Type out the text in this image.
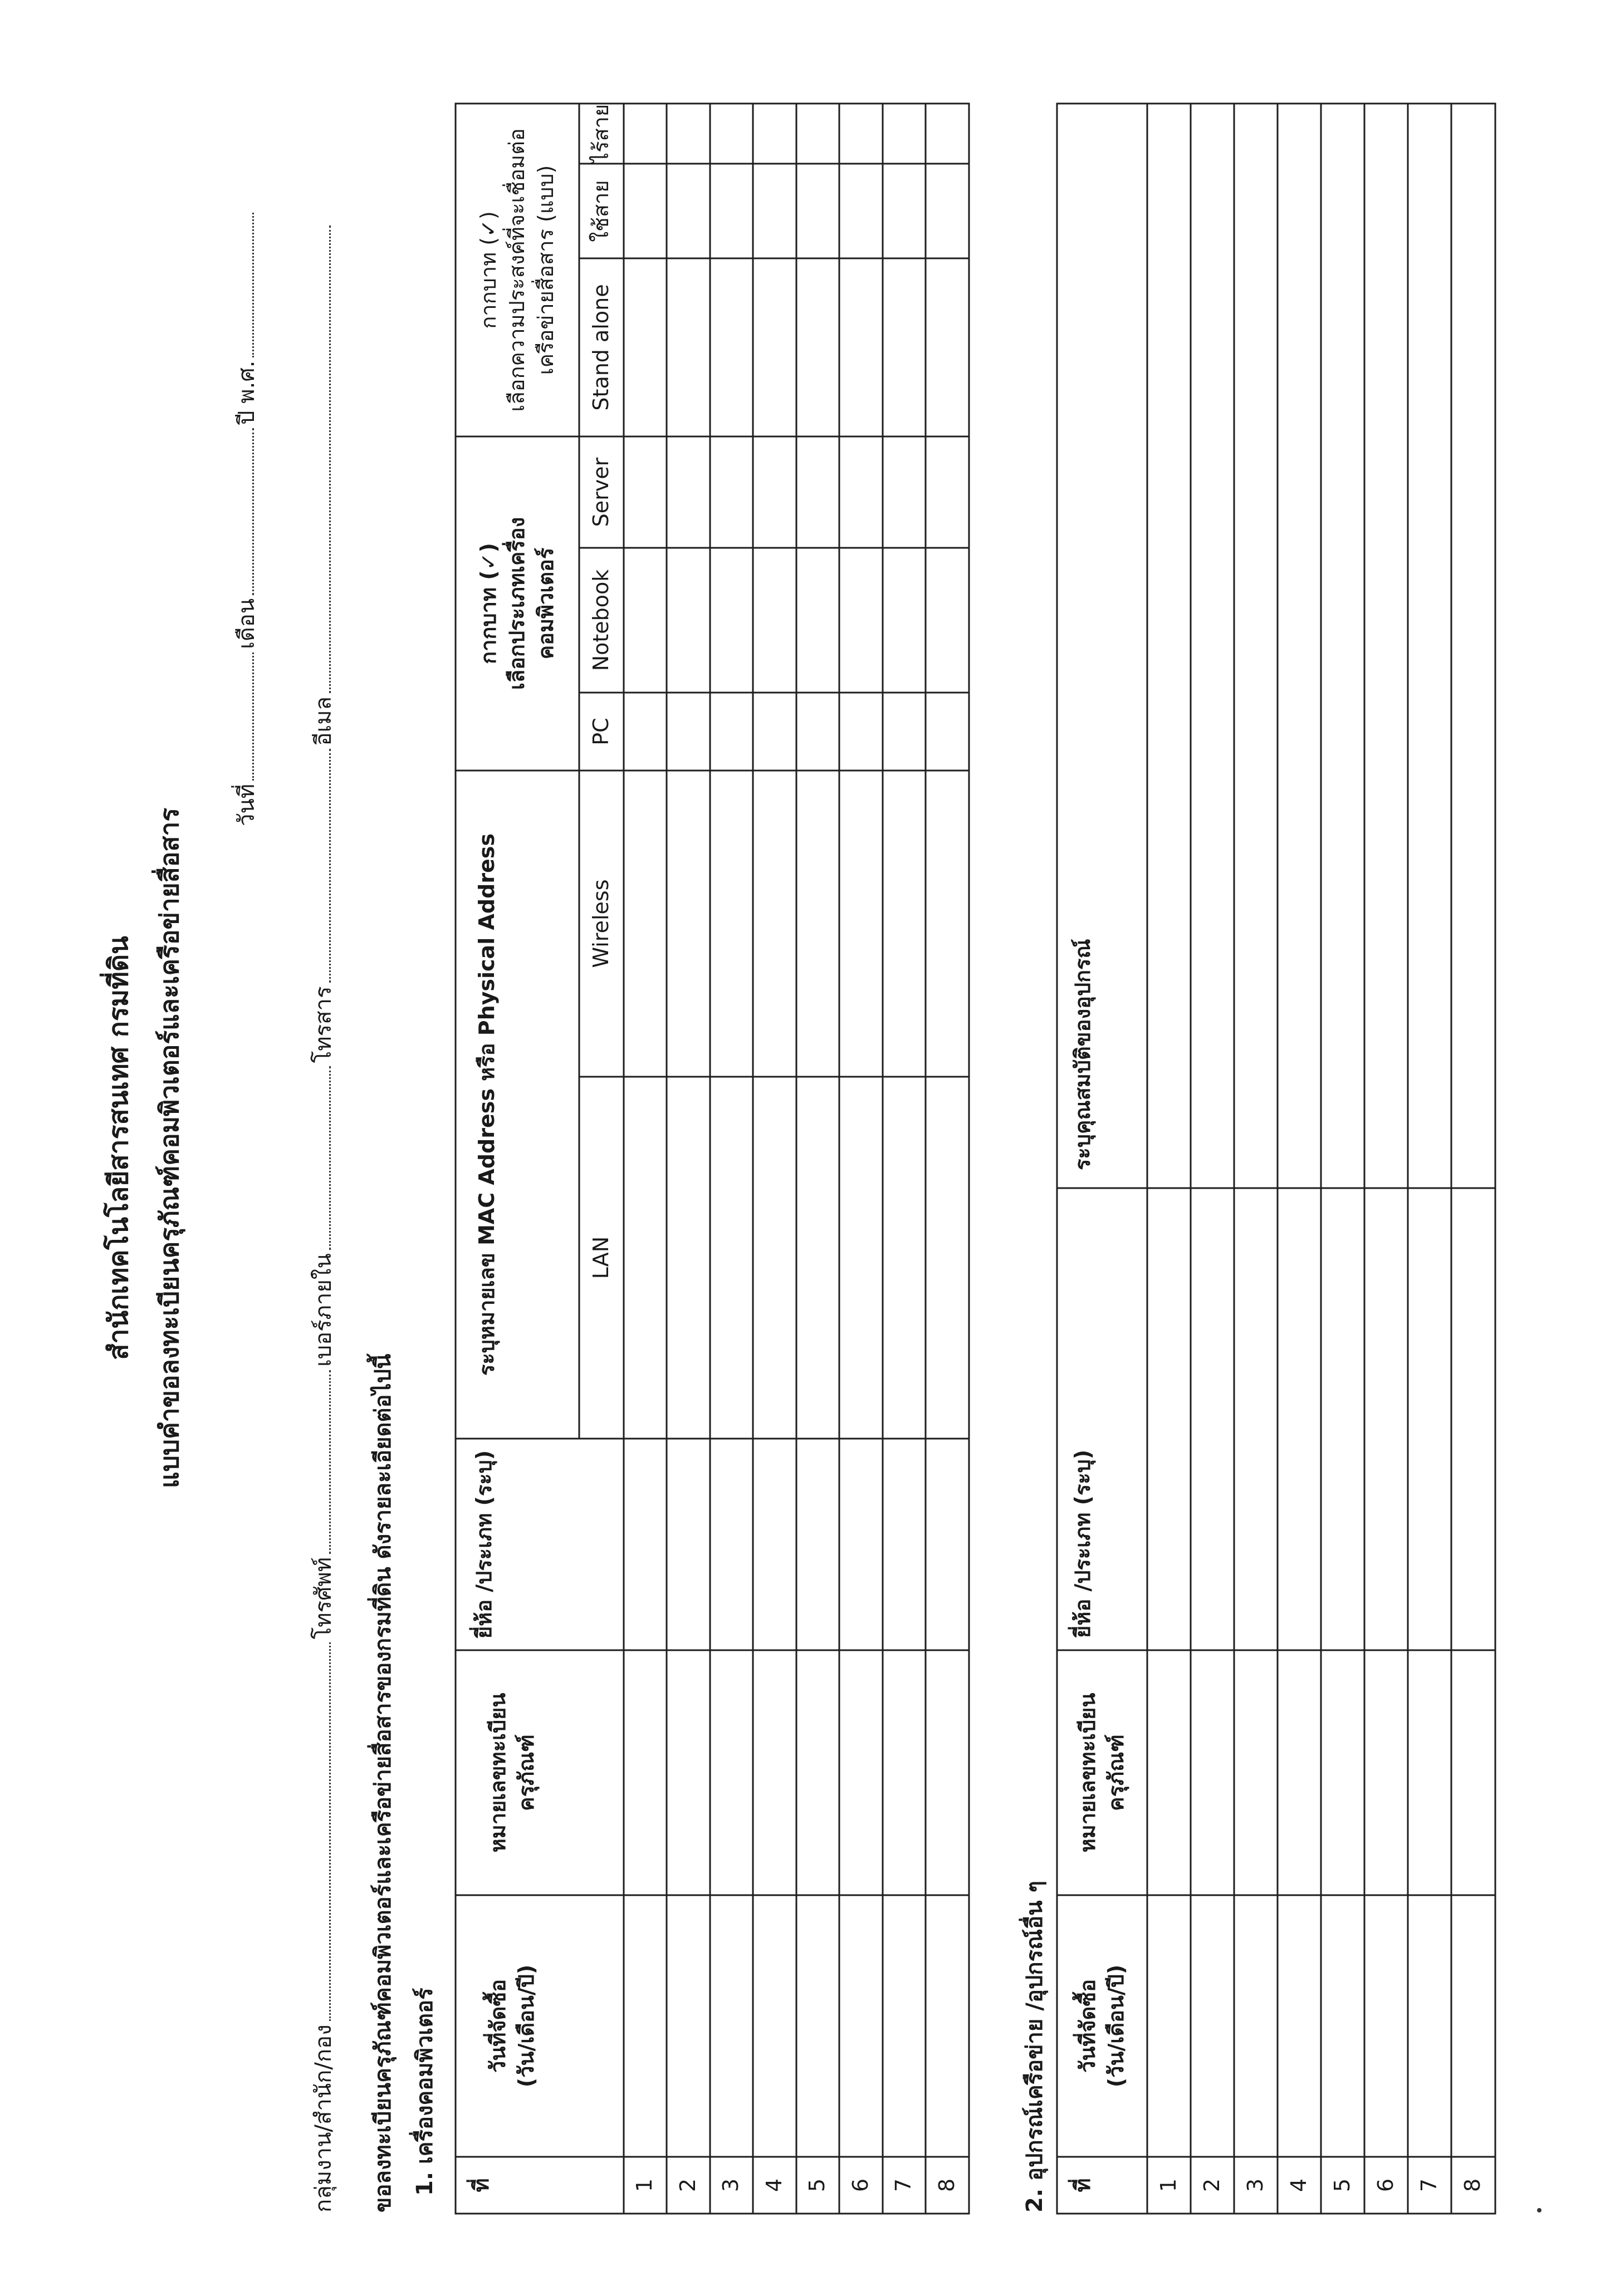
สำนักเทคโนโลยีสารสนเทศ กรมที่ดิน แบบคำขอลงทะเบียนครุภัณฑ์คอมพิวเตอร์และเครือข่ายสื่อสาร
วันที่เดือนปี พ.ศ.
กลุ่มงาน/สำนัก/กองโทรศัพท์เบอร์ภายในโทรสารอีเมล
ขอลงทะเบียนครุภัณฑ์คอมพิวเตอร์และเครือข่ายสื่อสารของกรมที่ดิน ดังรายละเอียดต่อไปนี้ 1. เครื่องคอมพิวเตอร์ ที่
วันที่จัดซื้อ (วัน/เดือน/ปี)
หมายเลขทะเบียน ครุภัณฑ์
ยี่ห้อ /ประเภท (ระบุ)
ระบุหมายเลข MAC Address หรือ Physical Address	LAN
Wireless
กากบาท (✓) เลือกประเภทเครื่อง คอมพิวเตอร์
PC
Notebook
Server
กากบาท (✓) เลือกความประสงค์ที่จะเชื่อมต่อ เครือข่ายสื่อสาร (แบบ) Stand alone
ใช้สาย
ไร้สาย
1 2 3 4 5 6 7 8	2. อุปกรณ์เครือข่าย /อุปกรณ์อื่น ๆ ที่
วันที่จัดซื้อ (วัน/เดือน/ปี)
หมายเลขทะเบียน ครุภัณฑ์
ยี่ห้อ /ประเภท (ระบุ)
ระบุคุณสมบัติของอุปกรณ์
1 2 3 4 5 6 7 8
